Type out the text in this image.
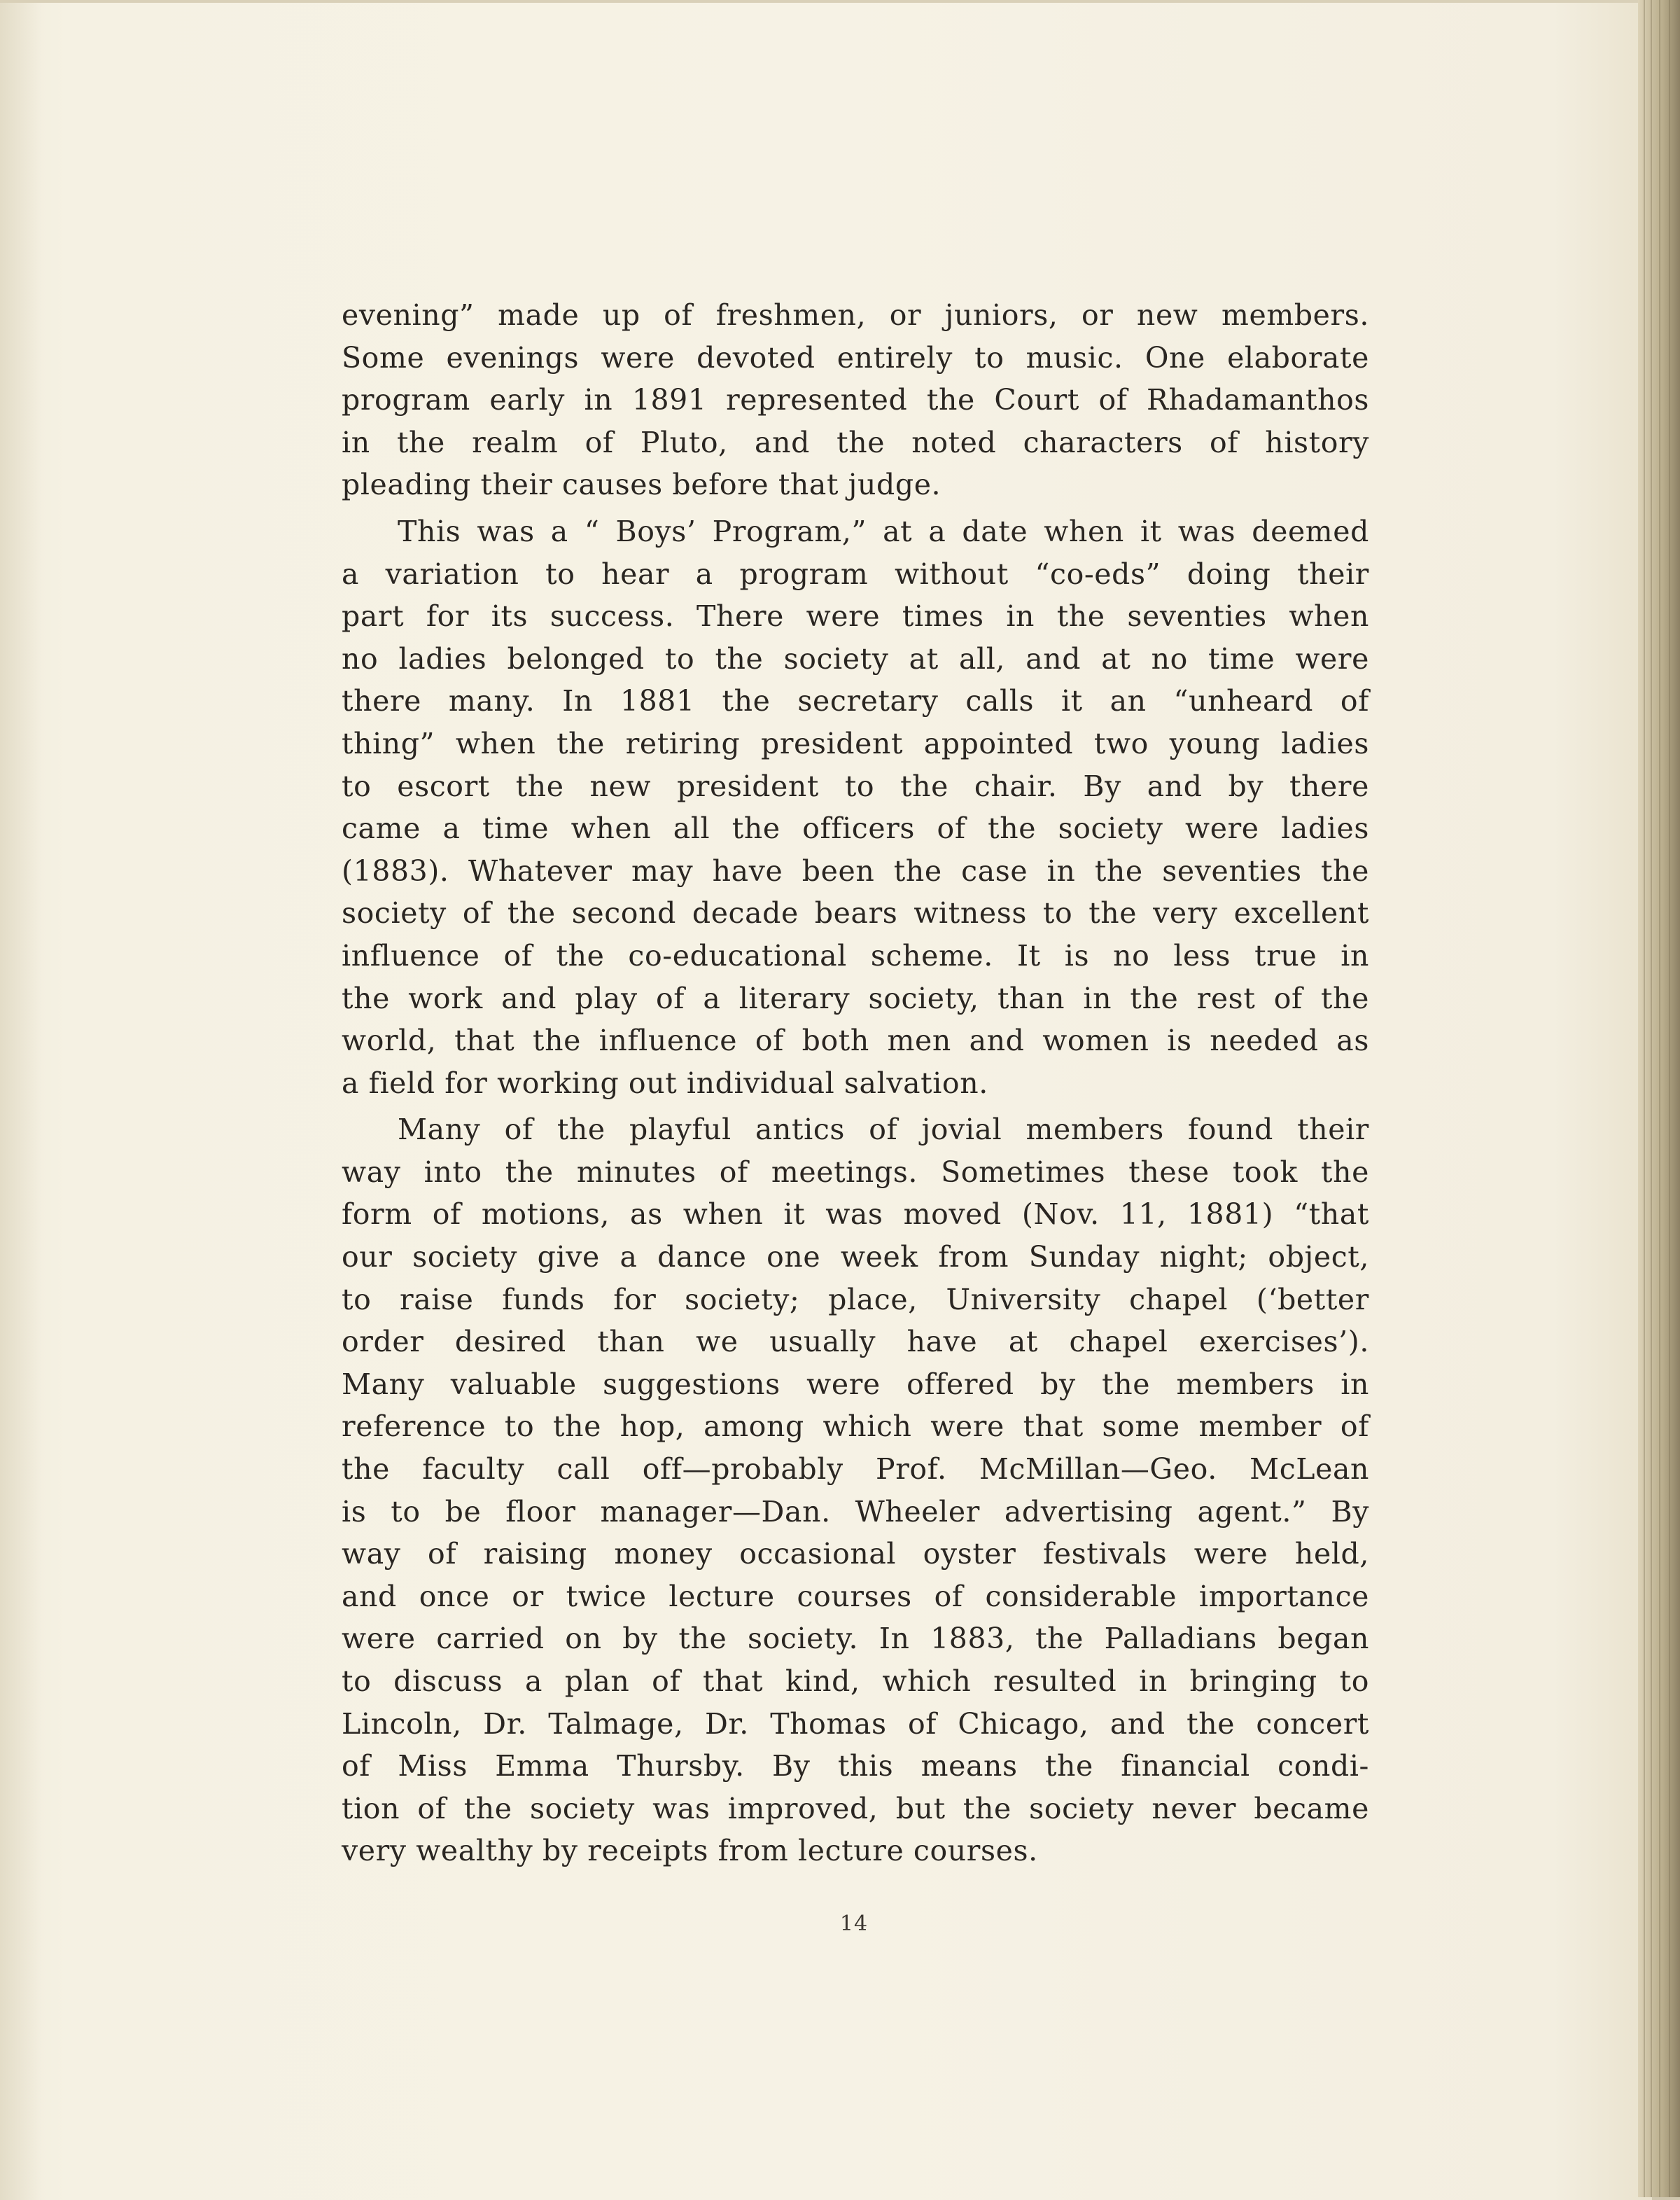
evening” made up of freshmen, or juniors, or new members.
Some evenings were devoted entirely to music. One elaborate
program early in 1891 represented the Court of Rhadamanthos
in the realm of Pluto, and the noted characters of history
pleading their causes before that judge.

This was a “ Boys’ Program,” at a date when it was deemed
a variation to hear a program without “co-eds” doing their
part for its success. There were times in the seventies when
no ladies belonged to the society at all, and at no time were
there many. In 1881 the secretary calls it an “unheard of
thing” when the retiring president appointed two young ladies
to escort the new president to the chair. By and by there
came a time when all the officers of the society were ladies
(1883). Whatever may have been the case in the seventies the
society of the second decade bears witness to the very excellent
influence of the co-educational scheme. It is no less true in
the work and play of a literary society, than in the rest of the
world, that the influence of both men and women is needed as
a field for working out individual salvation.

Many of the playful antics of jovial members found their
way into the minutes of meetings. Sometimes these took the
form of motions, as when it was moved (Nov. 11, 1881) “that
our society give a dance one week from Sunday night; object,
to raise funds for society; place, University chapel (‘better
order desired than we usually have at chapel exercises’).
Many valuable suggestions were offered by the members in
reference to the hop, among which were that some member of
the faculty call off—probably Prof. McMillan—Geo. McLean
is to be floor manager—Dan. Wheeler advertising agent.” By
way of raising money occasional oyster festivals were held,
and once or twice lecture courses of considerable importance
were carried on by the society. In 1883, the Palladians began
to discuss a plan of that kind, which resulted in bringing to
Lincoln, Dr. Talmage, Dr. Thomas of Chicago, and the concert
of Miss Emma Thursby. By this means the financial condi-
tion of the society was improved, but the society never became
very wealthy by receipts from lecture courses.

14
